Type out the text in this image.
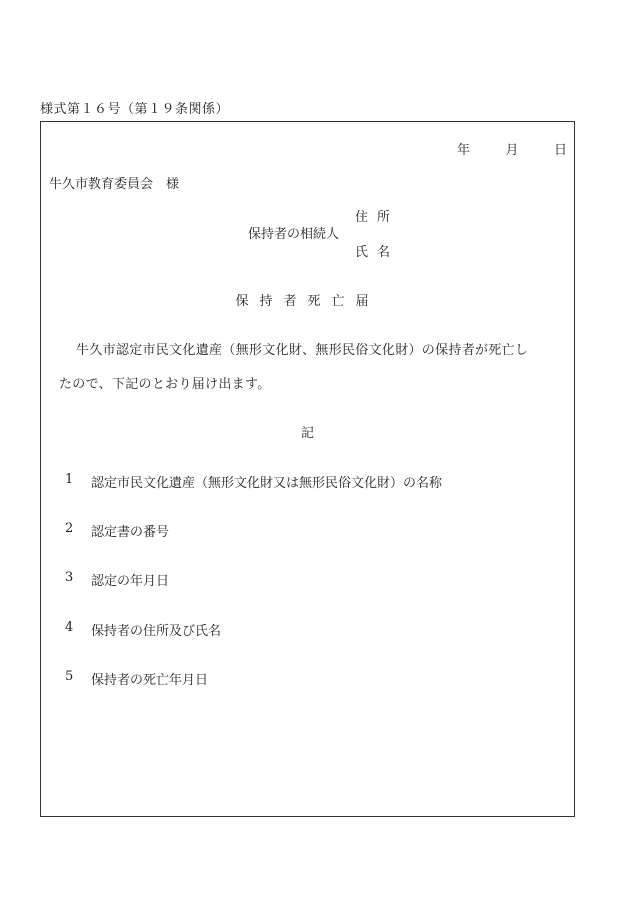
様式第１６号（第１９条関係）
年	月	日
牛久市教育委員会　様
住所
保持者の相続人
氏名
保持者死亡届
牛久市認定市民文化遺産（無形文化財、無形民俗文化財）の保持者が死亡し
たので、下記のとおり届け出ます。
記
1	認定市民文化遺産（無形文化財又は無形民俗文化財）の名称
2	認定書の番号
3	認定の年月日
4	保持者の住所及び氏名
5	保持者の死亡年月日
